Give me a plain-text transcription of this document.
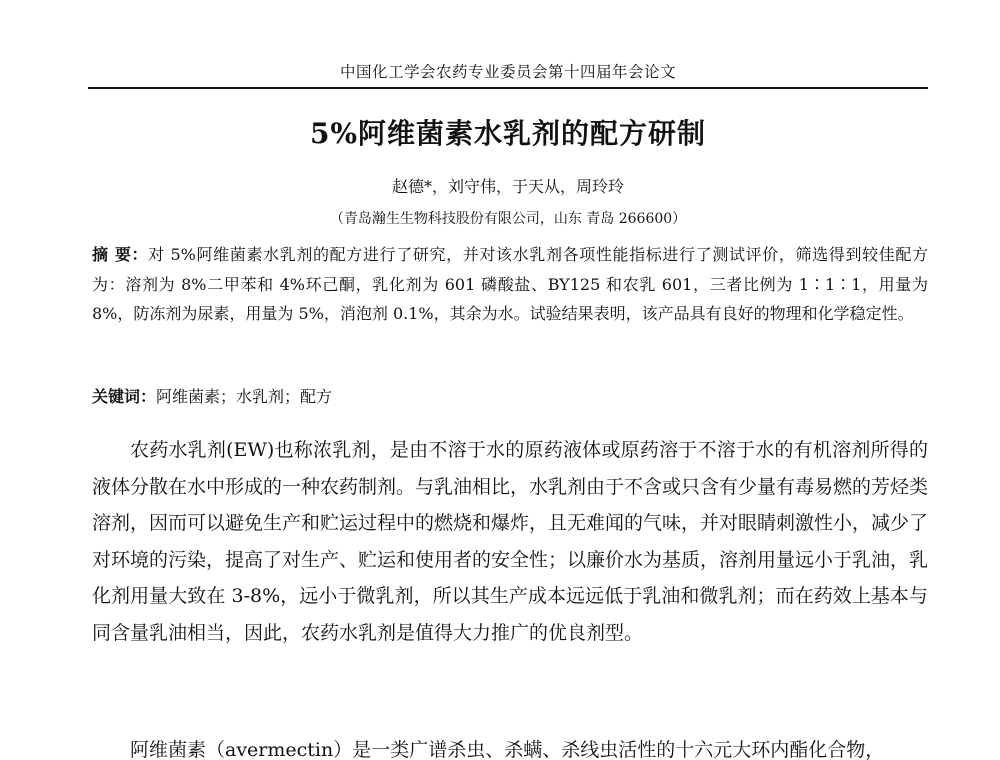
中国化工学会农药专业委员会第十四届年会论文
5%阿维菌素水乳剂的配方研制
赵德*，刘守伟，于天从，周玲玲
（青岛瀚生生物科技股份有限公司，山东 青岛 266600）
摘 要：对 5%阿维菌素水乳剂的配方进行了研究，并对该水乳剂各项性能指标进行了测试评价，筛选得到较佳配方为：溶剂为 8%二甲苯和 4%环己酮，乳化剂为 601 磷酸盐、BY125 和农乳 601，三者比例为 1∶1∶1，用量为 8%，防冻剂为尿素，用量为 5%，消泡剂 0.1%，其余为水。试验结果表明，该产品具有良好的物理和化学稳定性。
关键词：阿维菌素；水乳剂；配方

农药水乳剂(EW)也称浓乳剂，是由不溶于水的原药液体或原药溶于不溶于水的有机溶剂所得的液体分散在水中形成的一种农药制剂。与乳油相比，水乳剂由于不含或只含有少量有毒易燃的芳烃类溶剂，因而可以避免生产和贮运过程中的燃烧和爆炸，且无难闻的气味，并对眼睛刺激性小，减少了对环境的污染，提高了对生产、贮运和使用者的安全性；以廉价水为基质，溶剂用量远小于乳油，乳化剂用量大致在 3-8%，远小于微乳剂，所以其生产成本远远低于乳油和微乳剂；而在药效上基本与同含量乳油相当，因此，农药水乳剂是值得大力推广的优良剂型。

阿维菌素（avermectin）是一类广谱杀虫、杀螨、杀线虫活性的十六元大环内酯化合物，
